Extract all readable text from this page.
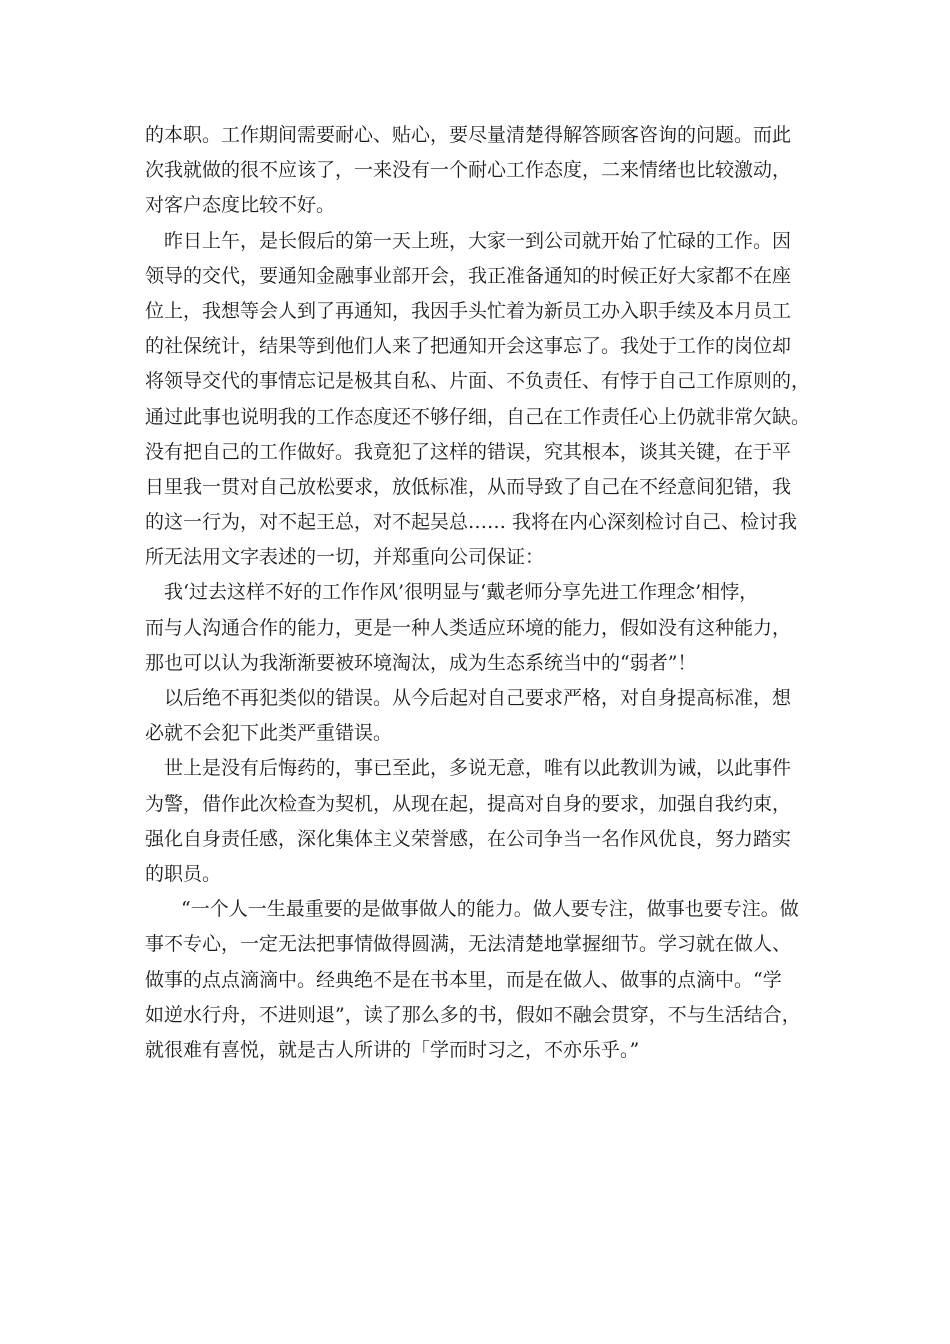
的本职。工作期间需要耐心、贴心，要尽量清楚得解答顾客咨询的问题。而此
次我就做的很不应该了，一来没有一个耐心工作态度，二来情绪也比较激动，
对客户态度比较不好。
昨日上午，是长假后的第一天上班，大家一到公司就开始了忙碌的工作。因
领导的交代，要通知金融事业部开会，我正准备通知的时候正好大家都不在座
位上，我想等会人到了再通知，我因手头忙着为新员工办入职手续及本月员工
的社保统计，结果等到他们人来了把通知开会这事忘了。我处于工作的岗位却
将领导交代的事情忘记是极其自私、片面、不负责任、有悖于自己工作原则的，
通过此事也说明我的工作态度还不够仔细，自己在工作责任心上仍就非常欠缺。
没有把自己的工作做好。我竟犯了这样的错误，究其根本，谈其关键，在于平
日里我一贯对自己放松要求，放低标准，从而导致了自己在不经意间犯错，我
的这一行为，对不起王总，对不起吴总…… 我将在内心深刻检讨自己、检讨我
所无法用文字表述的一切，并郑重向公司保证：
我‘过去这样不好的工作作风’很明显与‘戴老师分享先进工作理念’相悖，
而与人沟通合作的能力，更是一种人类适应环境的能力，假如没有这种能力，
那也可以认为我渐渐要被环境淘汰，成为生态系统当中的“弱者”！
以后绝不再犯类似的错误。从今后起对自己要求严格，对自身提高标准，想
必就不会犯下此类严重错误。
世上是没有后悔药的，事已至此，多说无意，唯有以此教训为诫，以此事件
为警，借作此次检查为契机，从现在起，提高对自身的要求，加强自我约束，
强化自身责任感，深化集体主义荣誉感，在公司争当一名作风优良，努力踏实
的职员。
“一个人一生最重要的是做事做人的能力。做人要专注，做事也要专注。做
事不专心，一定无法把事情做得圆满，无法清楚地掌握细节。学习就在做人、
做事的点点滴滴中。经典绝不是在书本里，而是在做人、做事的点滴中。“学
如逆水行舟，不进则退”，读了那么多的书，假如不融会贯穿，不与生活结合，
就很难有喜悦，就是古人所讲的「学而时习之，不亦乐乎。”
